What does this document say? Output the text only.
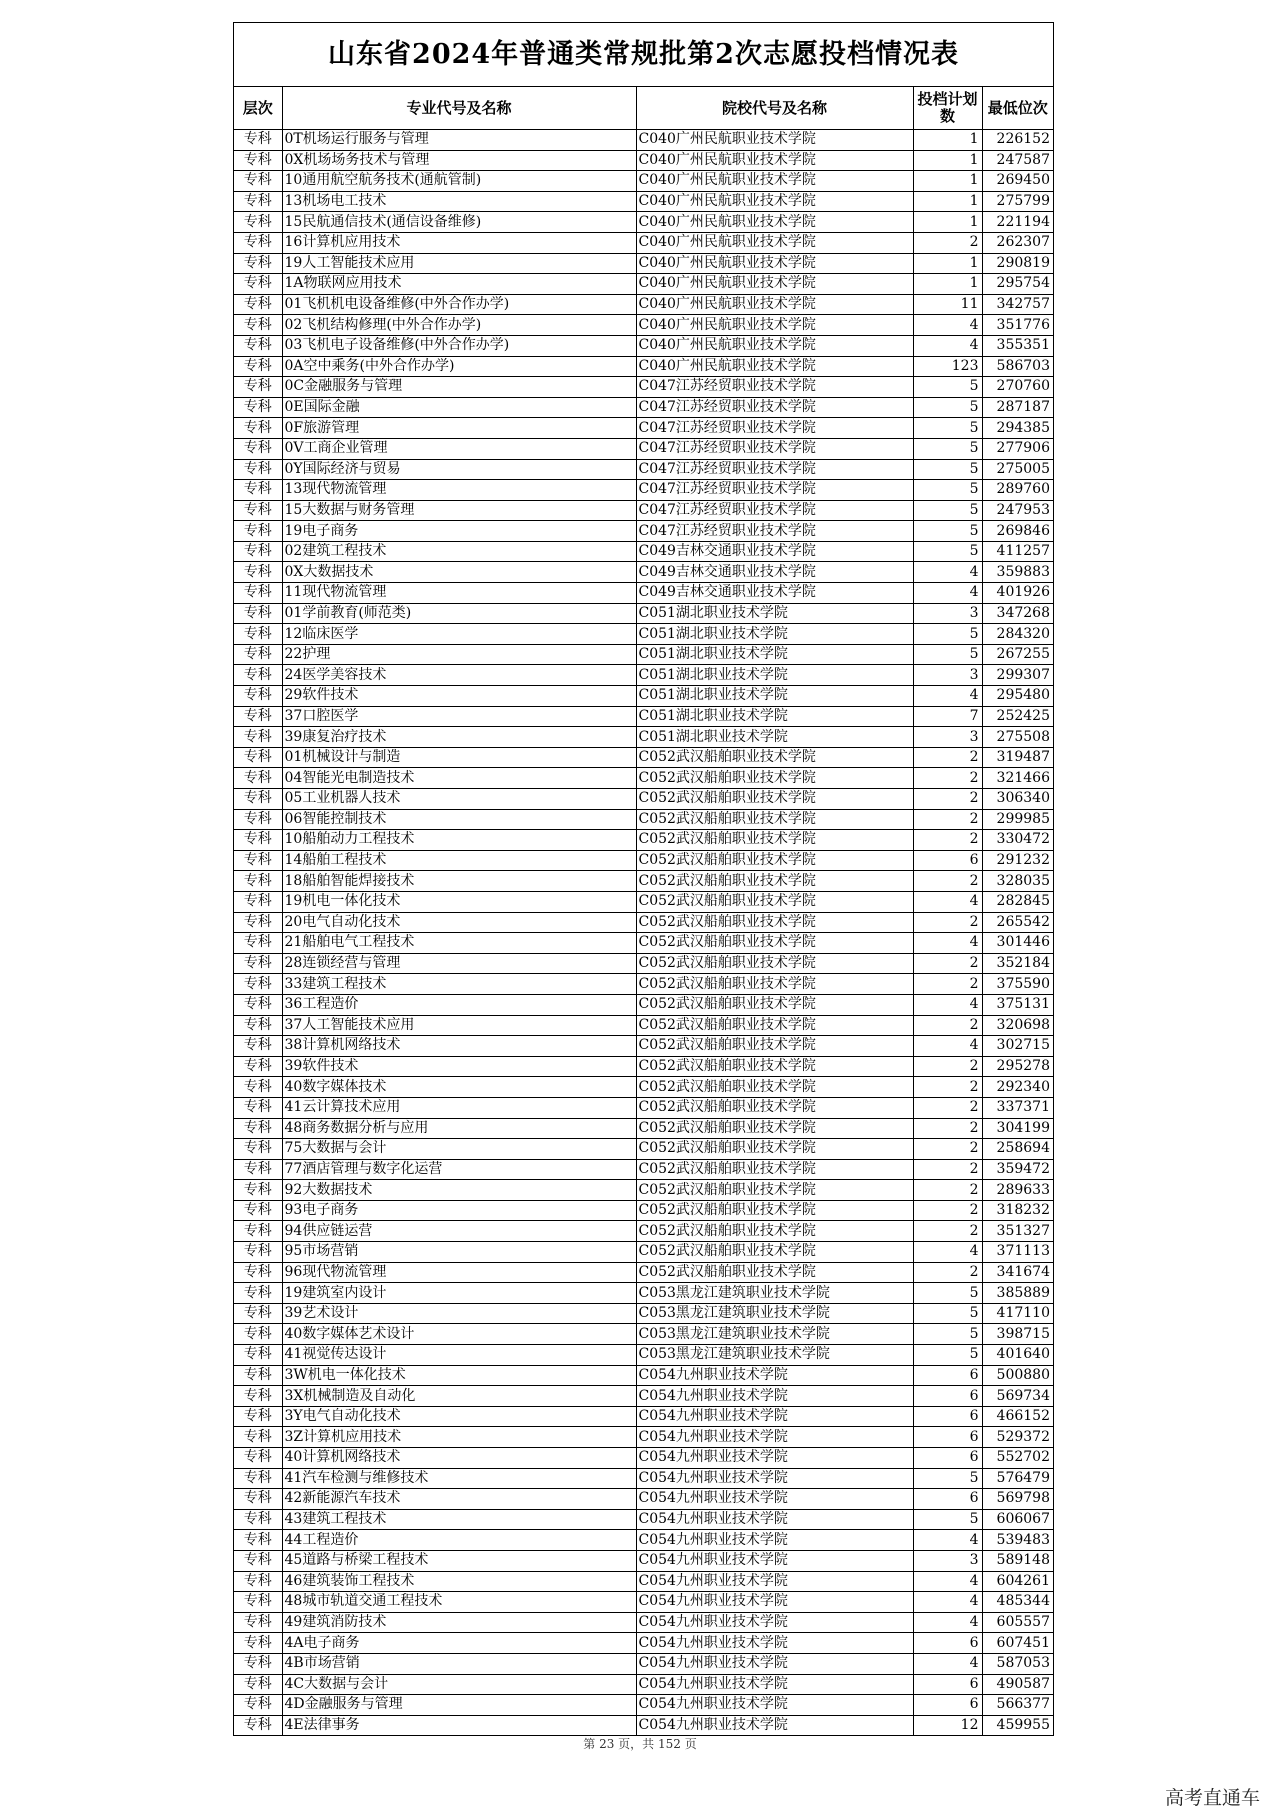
山东省2024年普通类常规批第2次志愿投档情况表
层次	专业代号及名称	院校代号及名称	投档计划数	最低位次
专科	0T机场运行服务与管理	C040广州民航职业技术学院	1	226152
专科	0X机场场务技术与管理	C040广州民航职业技术学院	1	247587
专科	10通用航空航务技术(通航管制)	C040广州民航职业技术学院	1	269450
专科	13机场电工技术	C040广州民航职业技术学院	1	275799
专科	15民航通信技术(通信设备维修)	C040广州民航职业技术学院	1	221194
专科	16计算机应用技术	C040广州民航职业技术学院	2	262307
专科	19人工智能技术应用	C040广州民航职业技术学院	1	290819
专科	1A物联网应用技术	C040广州民航职业技术学院	1	295754
专科	01飞机机电设备维修(中外合作办学)	C040广州民航职业技术学院	11	342757
专科	02飞机结构修理(中外合作办学)	C040广州民航职业技术学院	4	351776
专科	03飞机电子设备维修(中外合作办学)	C040广州民航职业技术学院	4	355351
专科	0A空中乘务(中外合作办学)	C040广州民航职业技术学院	123	586703
专科	0C金融服务与管理	C047江苏经贸职业技术学院	5	270760
专科	0E国际金融	C047江苏经贸职业技术学院	5	287187
专科	0F旅游管理	C047江苏经贸职业技术学院	5	294385
专科	0V工商企业管理	C047江苏经贸职业技术学院	5	277906
专科	0Y国际经济与贸易	C047江苏经贸职业技术学院	5	275005
专科	13现代物流管理	C047江苏经贸职业技术学院	5	289760
专科	15大数据与财务管理	C047江苏经贸职业技术学院	5	247953
专科	19电子商务	C047江苏经贸职业技术学院	5	269846
专科	02建筑工程技术	C049吉林交通职业技术学院	5	411257
专科	0X大数据技术	C049吉林交通职业技术学院	4	359883
专科	11现代物流管理	C049吉林交通职业技术学院	4	401926
专科	01学前教育(师范类)	C051湖北职业技术学院	3	347268
专科	12临床医学	C051湖北职业技术学院	5	284320
专科	22护理	C051湖北职业技术学院	5	267255
专科	24医学美容技术	C051湖北职业技术学院	3	299307
专科	29软件技术	C051湖北职业技术学院	4	295480
专科	37口腔医学	C051湖北职业技术学院	7	252425
专科	39康复治疗技术	C051湖北职业技术学院	3	275508
专科	01机械设计与制造	C052武汉船舶职业技术学院	2	319487
专科	04智能光电制造技术	C052武汉船舶职业技术学院	2	321466
专科	05工业机器人技术	C052武汉船舶职业技术学院	2	306340
专科	06智能控制技术	C052武汉船舶职业技术学院	2	299985
专科	10船舶动力工程技术	C052武汉船舶职业技术学院	2	330472
专科	14船舶工程技术	C052武汉船舶职业技术学院	6	291232
专科	18船舶智能焊接技术	C052武汉船舶职业技术学院	2	328035
专科	19机电一体化技术	C052武汉船舶职业技术学院	4	282845
专科	20电气自动化技术	C052武汉船舶职业技术学院	2	265542
专科	21船舶电气工程技术	C052武汉船舶职业技术学院	4	301446
专科	28连锁经营与管理	C052武汉船舶职业技术学院	2	352184
专科	33建筑工程技术	C052武汉船舶职业技术学院	2	375590
专科	36工程造价	C052武汉船舶职业技术学院	4	375131
专科	37人工智能技术应用	C052武汉船舶职业技术学院	2	320698
专科	38计算机网络技术	C052武汉船舶职业技术学院	4	302715
专科	39软件技术	C052武汉船舶职业技术学院	2	295278
专科	40数字媒体技术	C052武汉船舶职业技术学院	2	292340
专科	41云计算技术应用	C052武汉船舶职业技术学院	2	337371
专科	48商务数据分析与应用	C052武汉船舶职业技术学院	2	304199
专科	75大数据与会计	C052武汉船舶职业技术学院	2	258694
专科	77酒店管理与数字化运营	C052武汉船舶职业技术学院	2	359472
专科	92大数据技术	C052武汉船舶职业技术学院	2	289633
专科	93电子商务	C052武汉船舶职业技术学院	2	318232
专科	94供应链运营	C052武汉船舶职业技术学院	2	351327
专科	95市场营销	C052武汉船舶职业技术学院	4	371113
专科	96现代物流管理	C052武汉船舶职业技术学院	2	341674
专科	19建筑室内设计	C053黑龙江建筑职业技术学院	5	385889
专科	39艺术设计	C053黑龙江建筑职业技术学院	5	417110
专科	40数字媒体艺术设计	C053黑龙江建筑职业技术学院	5	398715
专科	41视觉传达设计	C053黑龙江建筑职业技术学院	5	401640
专科	3W机电一体化技术	C054九州职业技术学院	6	500880
专科	3X机械制造及自动化	C054九州职业技术学院	6	569734
专科	3Y电气自动化技术	C054九州职业技术学院	6	466152
专科	3Z计算机应用技术	C054九州职业技术学院	6	529372
专科	40计算机网络技术	C054九州职业技术学院	6	552702
专科	41汽车检测与维修技术	C054九州职业技术学院	5	576479
专科	42新能源汽车技术	C054九州职业技术学院	6	569798
专科	43建筑工程技术	C054九州职业技术学院	5	606067
专科	44工程造价	C054九州职业技术学院	4	539483
专科	45道路与桥梁工程技术	C054九州职业技术学院	3	589148
专科	46建筑装饰工程技术	C054九州职业技术学院	4	604261
专科	48城市轨道交通工程技术	C054九州职业技术学院	4	485344
专科	49建筑消防技术	C054九州职业技术学院	4	605557
专科	4A电子商务	C054九州职业技术学院	6	607451
专科	4B市场营销	C054九州职业技术学院	4	587053
专科	4C大数据与会计	C054九州职业技术学院	6	490587
专科	4D金融服务与管理	C054九州职业技术学院	6	566377
专科	4E法律事务	C054九州职业技术学院	12	459955
第 23 页，共 152 页
高考直通车
